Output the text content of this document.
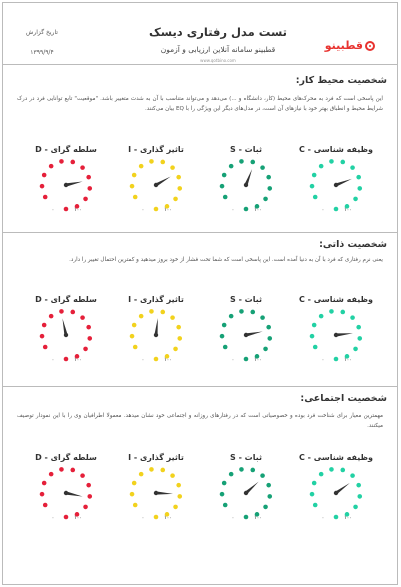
قطبینو
تست مدل رفتاری دیسک
قطبینو سامانه آنلاین ارزیابی و آزمون
www.qotbino.com
تاریخ گزارش
۱۳۹۹/۹/۴
شخصیت محیط کار:
این پاسخی است که فرد به محرک‌های محیط (کار، دانشگاه و ...) می‌دهد و می‌تواند متناسب با آن به شدت متغییر باشد. "موقعیت" تابع توانایی فرد در درک شرایط محیط و انطباق بهتر خود با نیازهای آن است، در مدل‌های دیگر این ویژگی را با EQ بیان می‌کنند.
سلطه گرای - D
۰	۱۰۰
تاثیر گذاری - I
۰	۱۰۰
ثبات - S
۰	۱۰۰
وظیفه شناسی - C
۰	۱۰۰
شخصیت ذاتی:
یعنی نرم رفتاری که فرد با آن به دنیا آمده است. این پاسخی است که شما تحت فشار از خود بروز میدهید و کمترین احتمال تغییر را دارد.
سلطه گرای - D
۰	۱۰۰
تاثیر گذاری - I
۰	۱۰۰
ثبات - S
۰	۱۰۰
وظیفه شناسی - C
۰	۱۰۰
شخصیت اجتماعی:
مهمترین معیار برای شناخت فرد بوده و خصوصیاتی است که در رفتارهای روزانه و اجتماعی خود نشان میدهد. معمولا اطرافیان وی را با این نمودار توصیف میکنند.
سلطه گرای - D
۰	۱۰۰
تاثیر گذاری - I
۰	۱۰۰
ثبات - S
۰	۱۰۰
وظیفه شناسی - C
۰	۱۰۰
